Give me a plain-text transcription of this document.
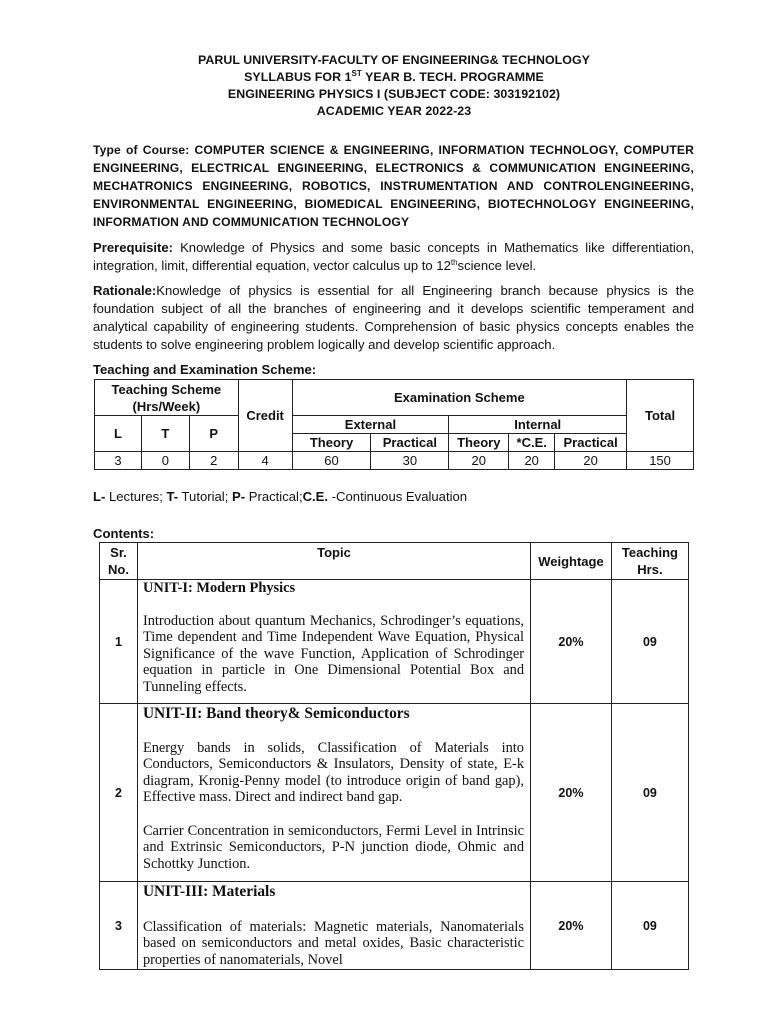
PARUL UNIVERSITY-FACULTY OF ENGINEERING& TECHNOLOGY
SYLLABUS FOR 1ST YEAR B. TECH. PROGRAMME
ENGINEERING PHYSICS I (SUBJECT CODE: 303192102)
ACADEMIC YEAR 2022-23
Type of Course: COMPUTER SCIENCE & ENGINEERING, INFORMATION TECHNOLOGY, COMPUTER ENGINEERING, ELECTRICAL ENGINEERING, ELECTRONICS & COMMUNICATION ENGINEERING, MECHATRONICS ENGINEERING, ROBOTICS, INSTRUMENTATION AND CONTROLENGINEERING, ENVIRONMENTAL ENGINEERING, BIOMEDICAL ENGINEERING, BIOTECHNOLOGY ENGINEERING, INFORMATION AND COMMUNICATION TECHNOLOGY
Prerequisite: Knowledge of Physics and some basic concepts in Mathematics like differentiation, integration, limit, differential equation, vector calculus up to 12thscience level.
Rationale:Knowledge of physics is essential for all Engineering branch because physics is the foundation subject of all the branches of engineering and it develops scientific temperament and analytical capability of engineering students. Comprehension of basic physics concepts enables the students to solve engineering problem logically and develop scientific approach.
Teaching and Examination Scheme:
Teaching Scheme
(Hrs/Week)			Credit	Examination Scheme					Total
L	T	P		External		Internal			
				Theory	Practical	Theory	*C.E.	Practical	
3	0	2	4	60	30	20	20	20	150
L- Lectures; T- Tutorial; P- Practical;C.E. -Continuous Evaluation
Contents:
Sr. No.	Topic	Weightage	Teaching Hrs.
1	UNIT-I: Modern Physics

Introduction about quantum Mechanics, Schrodinger’s equations, Time dependent and Time Independent Wave Equation, Physical Significance of the wave Function, Application of Schrodinger equation in particle in One Dimensional Potential Box and Tunneling effects.	20%	09
2	UNIT-II: Band theory& Semiconductors

Energy bands in solids, Classification of Materials into Conductors, Semiconductors & Insulators, Density of state, E-k diagram, Kronig-Penny model (to introduce origin of band gap), Effective mass. Direct and indirect band gap.

Carrier Concentration in semiconductors, Fermi Level in Intrinsic and Extrinsic Semiconductors, P-N junction diode, Ohmic and Schottky Junction.	20%	09
3	UNIT-III: Materials

Classification of materials: Magnetic materials, Nanomaterials based on semiconductors and metal oxides, Basic characteristic properties of nanomaterials, Novel	20%	09
